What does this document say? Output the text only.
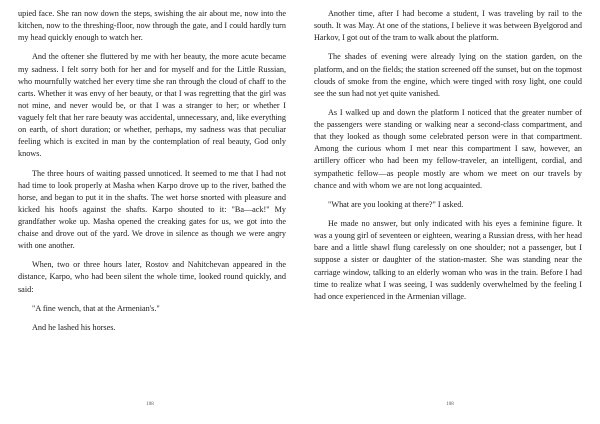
upied face. She ran now down the steps, swishing the air about me, now into the kitchen, now to the threshing-floor, now through the gate, and I could hardly turn my head quickly enough to watch her.

And the oftener she fluttered by me with her beauty, the more acute became my sadness. I felt sorry both for her and for myself and for the Little Russian, who mournfully watched her every time she ran through the cloud of chaff to the carts. Whether it was envy of her beauty, or that I was regretting that the girl was not mine, and never would be, or that I was a stranger to her; or whether I vaguely felt that her rare beauty was accidental, unnecessary, and, like everything on earth, of short duration; or whether, perhaps, my sadness was that peculiar feeling which is excited in man by the contemplation of real beauty, God only knows.

The three hours of waiting passed unnoticed. It seemed to me that I had not had time to look properly at Masha when Karpo drove up to the river, bathed the horse, and began to put it in the shafts. The wet horse snorted with pleasure and kicked his hoofs against the shafts. Karpo shouted to it: "Ba—ack!" My grandfather woke up. Masha opened the creaking gates for us, we got into the chaise and drove out of the yard. We drove in silence as though we were angry with one another.

When, two or three hours later, Rostov and Nahitchevan appeared in the distance, Karpo, who had been silent the whole time, looked round quickly, and said:

"A fine wench, that at the Armenian's."

And he lashed his horses.

108

Another time, after I had become a student, I was traveling by rail to the south. It was May. At one of the stations, I believe it was between Byelgorod and Harkov, I got out of the tram to walk about the platform.

The shades of evening were already lying on the station garden, on the platform, and on the fields; the station screened off the sunset, but on the topmost clouds of smoke from the engine, which were tinged with rosy light, one could see the sun had not yet quite vanished.

As I walked up and down the platform I noticed that the greater number of the passengers were standing or walking near a second-class compartment, and that they looked as though some celebrated person were in that compartment. Among the curious whom I met near this compartment I saw, however, an artillery officer who had been my fellow-traveler, an intelligent, cordial, and sympathetic fellow—as people mostly are whom we meet on our travels by chance and with whom we are not long acquainted.

"What are you looking at there?" I asked.

He made no answer, but only indicated with his eyes a feminine figure. It was a young girl of seventeen or eighteen, wearing a Russian dress, with her head bare and a little shawl flung carelessly on one shoulder; not a passenger, but I suppose a sister or daughter of the station-master. She was standing near the carriage window, talking to an elderly woman who was in the train. Before I had time to realize what I was seeing, I was suddenly overwhelmed by the feeling I had once experienced in the Armenian village.

108
